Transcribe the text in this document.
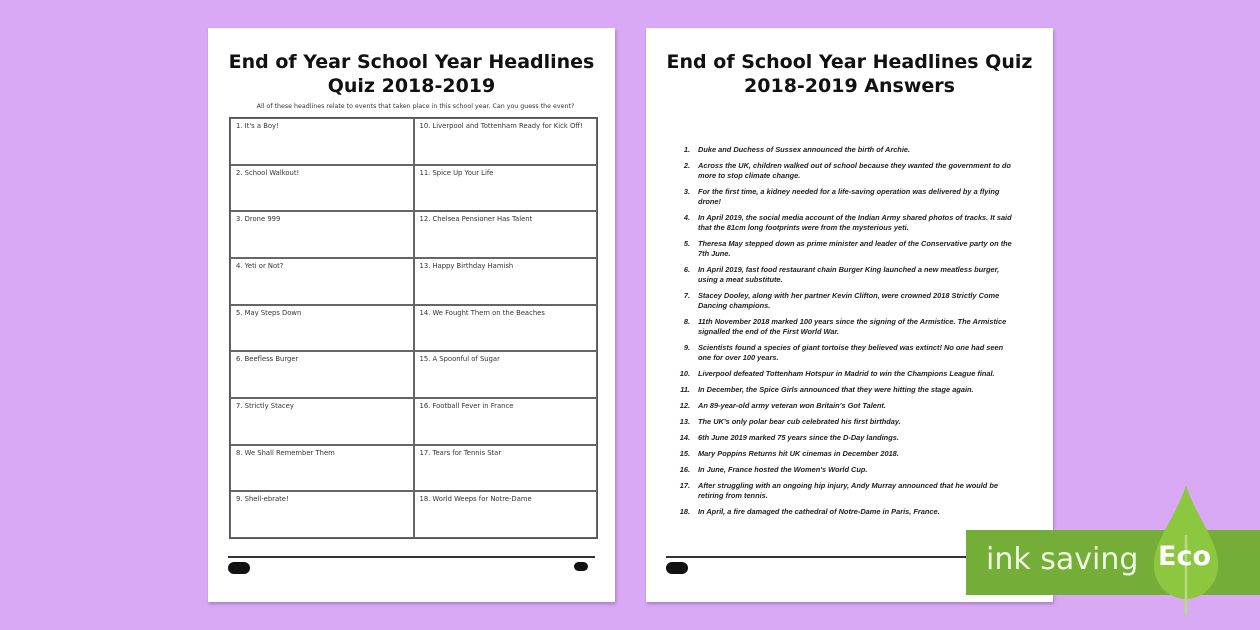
End of Year School Year Headlines
Quiz 2018-2019
All of these headlines relate to events that taken place in this school year. Can you guess the event?
1. It's a Boy!	10. Liverpool and Tottenham Ready for Kick Off!
2. School Walkout!	11. Spice Up Your Life
3. Drone 999	12. Chelsea Pensioner Has Talent
4. Yeti or Not?	13. Happy Birthday Hamish
5. May Steps Down	14. We Fought Them on the Beaches
6. Beefless Burger	15. A Spoonful of Sugar
7. Strictly Stacey	16. Football Fever in France
8. We Shall Remember Them	17. Tears for Tennis Star
9. Shell-ebrate!	18. World Weeps for Notre-Dame
End of School Year Headlines Quiz
2018-2019 Answers
1.	Duke and Duchess of Sussex announced the birth of Archie.
2.	Across the UK, children walked out of school because they wanted the government to do more to stop climate change.
3.	For the first time, a kidney needed for a life-saving operation was delivered by a flying drone!
4.	In April 2019, the social media account of the Indian Army shared photos of tracks. It said that the 81cm long footprints were from the mysterious yeti.
5.	Theresa May stepped down as prime minister and leader of the Conservative party on the 7th June.
6.	In April 2019, fast food restaurant chain Burger King launched a new meatless burger, using a meat substitute.
7.	Stacey Dooley, along with her partner Kevin Clifton, were crowned 2018 Strictly Come Dancing champions.
8.	11th November 2018 marked 100 years since the signing of the Armistice. The Armistice signalled the end of the First World War.
9.	Scientists found a species of giant tortoise they believed was extinct! No one had seen one for over 100 years.
10.	Liverpool defeated Tottenham Hotspur in Madrid to win the Champions League final.
11.	In December, the Spice Girls announced that they were hitting the stage again.
12.	An 89-year-old army veteran won Britain's Got Talent.
13.	The UK's only polar bear cub celebrated his first birthday.
14.	6th June 2019 marked 75 years since the D-Day landings.
15.	Mary Poppins Returns hit UK cinemas in December 2018.
16.	In June, France hosted the Women's World Cup.
17.	After struggling with an ongoing hip injury, Andy Murray announced that he would be retiring from tennis.
18.	In April, a fire damaged the cathedral of Notre-Dame in Paris, France.
ink saving Eco
